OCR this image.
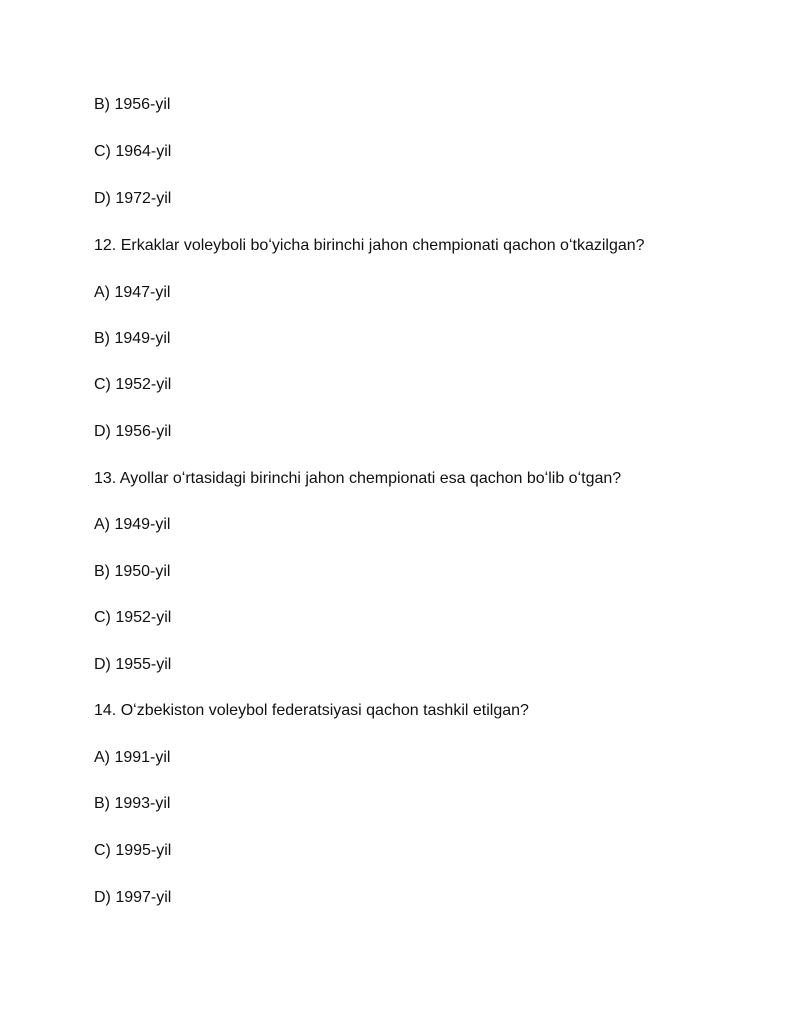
B) 1956-yil
C) 1964-yil
D) 1972-yil
12. Erkaklar voleyboli boʻyicha birinchi jahon chempionati qachon oʻtkazilgan?
A) 1947-yil
B) 1949-yil
C) 1952-yil
D) 1956-yil
13. Ayollar oʻrtasidagi birinchi jahon chempionati esa qachon boʻlib oʻtgan?
A) 1949-yil
B) 1950-yil
C) 1952-yil
D) 1955-yil
14. Oʻzbekiston voleybol federatsiyasi qachon tashkil etilgan?
A) 1991-yil
B) 1993-yil
C) 1995-yil
D) 1997-yil
